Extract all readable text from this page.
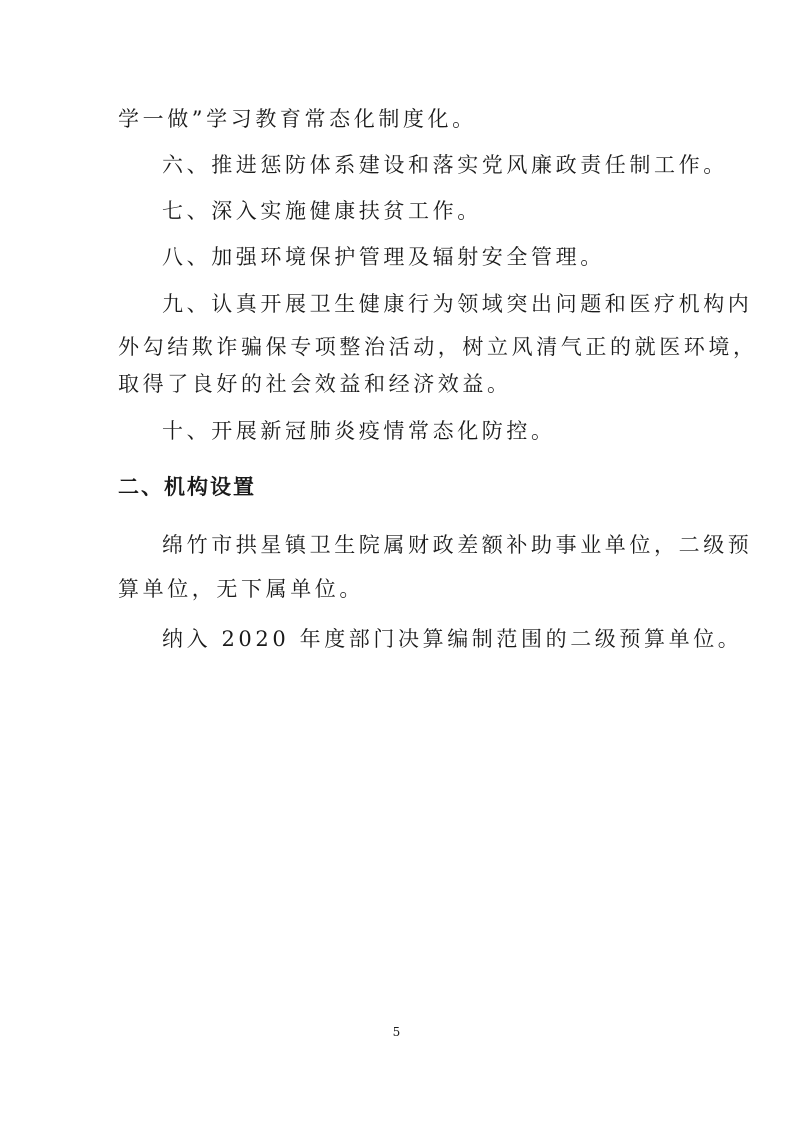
学一做”学习教育常态化制度化。
六、推进惩防体系建设和落实党风廉政责任制工作。
七、深入实施健康扶贫工作。
八、加强环境保护管理及辐射安全管理。
九、认真开展卫生健康行为领域突出问题和医疗机构内
外勾结欺诈骗保专项整治活动，树立风清气正的就医环境，
取得了良好的社会效益和经济效益。
十、开展新冠肺炎疫情常态化防控。
二、机构设置
绵竹市拱星镇卫生院属财政差额补助事业单位，二级预
算单位，无下属单位。
纳入 2020 年度部门决算编制范围的二级预算单位。
5
